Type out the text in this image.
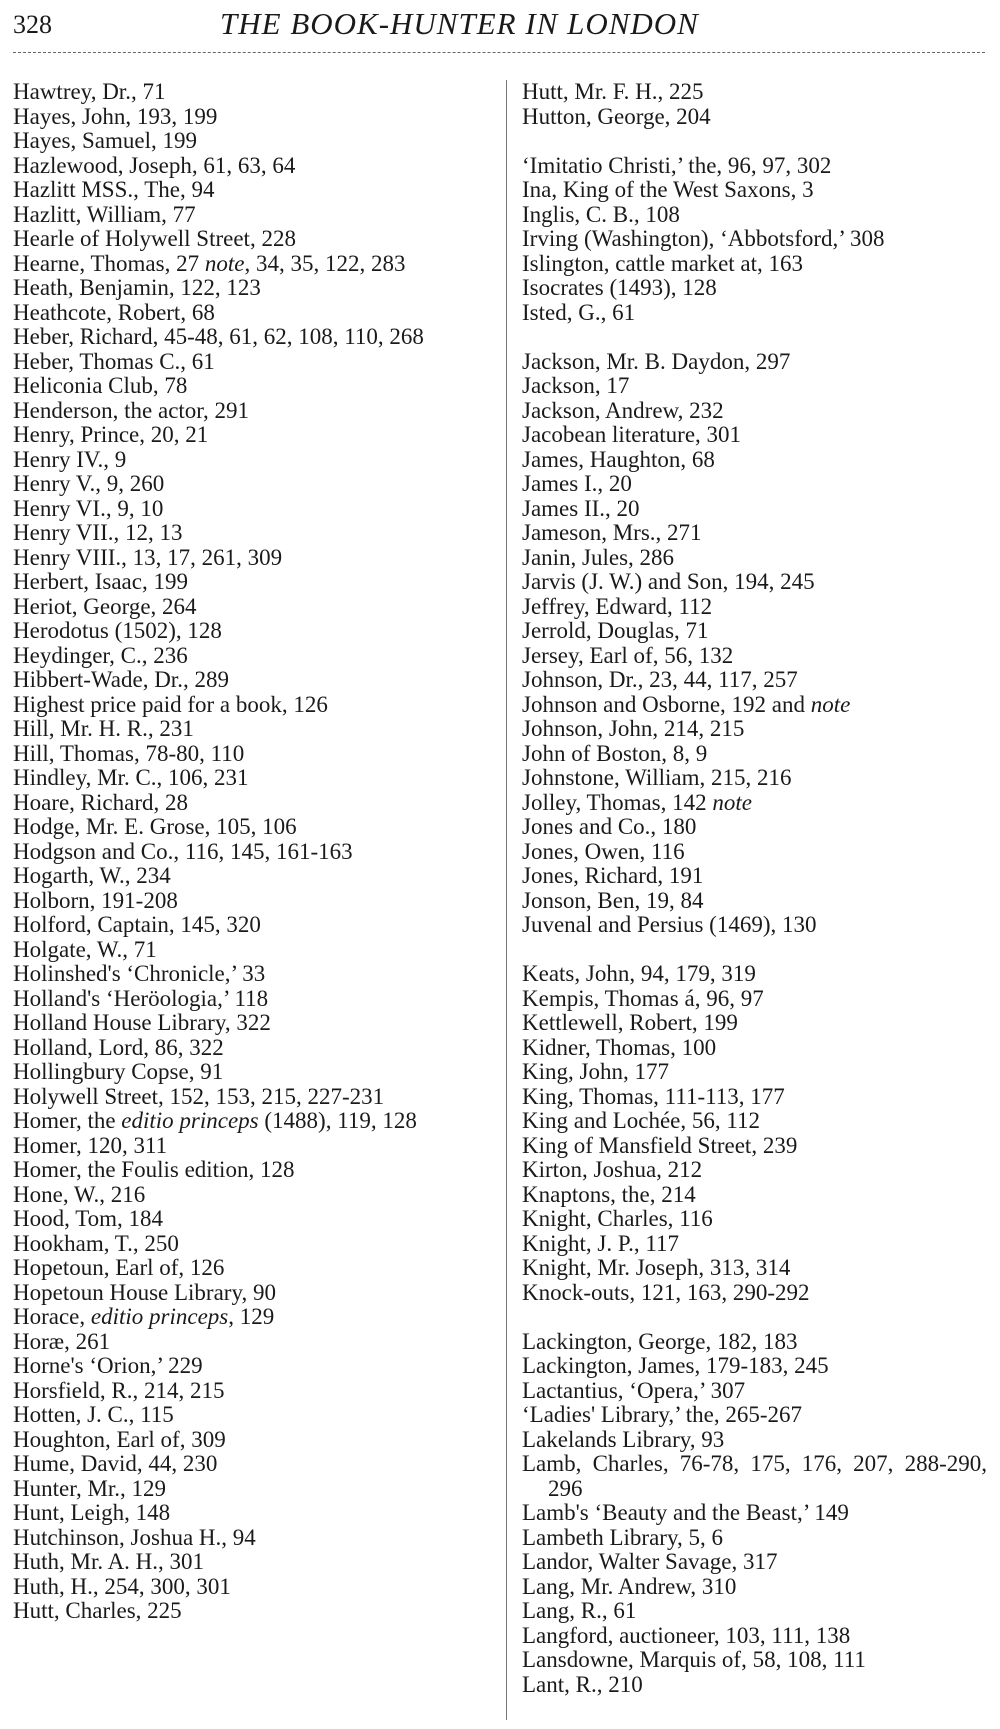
328	THE BOOK-HUNTER IN LONDON
Hawtrey, Dr., 71
Hayes, John, 193, 199
Hayes, Samuel, 199
Hazlewood, Joseph, 61, 63, 64
Hazlitt MSS., The, 94
Hazlitt, William, 77
Hearle of Holywell Street, 228
Hearne, Thomas, 27 note, 34, 35, 122, 283
Heath, Benjamin, 122, 123
Heathcote, Robert, 68
Heber, Richard, 45-48, 61, 62, 108, 110, 268
Heber, Thomas C., 61
Heliconia Club, 78
Henderson, the actor, 291
Henry, Prince, 20, 21
Henry IV., 9
Henry V., 9, 260
Henry VI., 9, 10
Henry VII., 12, 13
Henry VIII., 13, 17, 261, 309
Herbert, Isaac, 199
Heriot, George, 264
Herodotus (1502), 128
Heydinger, C., 236
Hibbert-Wade, Dr., 289
Highest price paid for a book, 126
Hill, Mr. H. R., 231
Hill, Thomas, 78-80, 110
Hindley, Mr. C., 106, 231
Hoare, Richard, 28
Hodge, Mr. E. Grose, 105, 106
Hodgson and Co., 116, 145, 161-163
Hogarth, W., 234
Holborn, 191-208
Holford, Captain, 145, 320
Holgate, W., 71
Holinshed's ‘Chronicle,’ 33
Holland's ‘Heröologia,’ 118
Holland House Library, 322
Holland, Lord, 86, 322
Hollingbury Copse, 91
Holywell Street, 152, 153, 215, 227-231
Homer, the editio princeps (1488), 119, 128
Homer, 120, 311
Homer, the Foulis edition, 128
Hone, W., 216
Hood, Tom, 184
Hookham, T., 250
Hopetoun, Earl of, 126
Hopetoun House Library, 90
Horace, editio princeps, 129
Horæ, 261
Horne's ‘Orion,’ 229
Horsfield, R., 214, 215
Hotten, J. C., 115
Houghton, Earl of, 309
Hume, David, 44, 230
Hunter, Mr., 129
Hunt, Leigh, 148
Hutchinson, Joshua H., 94
Huth, Mr. A. H., 301
Huth, H., 254, 300, 301
Hutt, Charles, 225
Hutt, Mr. F. H., 225
Hutton, George, 204
‘Imitatio Christi,’ the, 96, 97, 302
Ina, King of the West Saxons, 3
Inglis, C. B., 108
Irving (Washington), ‘Abbotsford,’ 308
Islington, cattle market at, 163
Isocrates (1493), 128
Isted, G., 61
Jackson, Mr. B. Daydon, 297
Jackson, 17
Jackson, Andrew, 232
Jacobean literature, 301
James, Haughton, 68
James I., 20
James II., 20
Jameson, Mrs., 271
Janin, Jules, 286
Jarvis (J. W.) and Son, 194, 245
Jeffrey, Edward, 112
Jerrold, Douglas, 71
Jersey, Earl of, 56, 132
Johnson, Dr., 23, 44, 117, 257
Johnson and Osborne, 192 and note
Johnson, John, 214, 215
John of Boston, 8, 9
Johnstone, William, 215, 216
Jolley, Thomas, 142 note
Jones and Co., 180
Jones, Owen, 116
Jones, Richard, 191
Jonson, Ben, 19, 84
Juvenal and Persius (1469), 130
Keats, John, 94, 179, 319
Kempis, Thomas á, 96, 97
Kettlewell, Robert, 199
Kidner, Thomas, 100
King, John, 177
King, Thomas, 111-113, 177
King and Lochée, 56, 112
King of Mansfield Street, 239
Kirton, Joshua, 212
Knaptons, the, 214
Knight, Charles, 116
Knight, J. P., 117
Knight, Mr. Joseph, 313, 314
Knock-outs, 121, 163, 290-292
Lackington, George, 182, 183
Lackington, James, 179-183, 245
Lactantius, ‘Opera,’ 307
‘Ladies' Library,’ the, 265-267
Lakelands Library, 93
Lamb, Charles, 76-78, 175, 176, 207, 288-290, 296
Lamb's ‘Beauty and the Beast,’ 149
Lambeth Library, 5, 6
Landor, Walter Savage, 317
Lang, Mr. Andrew, 310
Lang, R., 61
Langford, auctioneer, 103, 111, 138
Lansdowne, Marquis of, 58, 108, 111
Lant, R., 210
